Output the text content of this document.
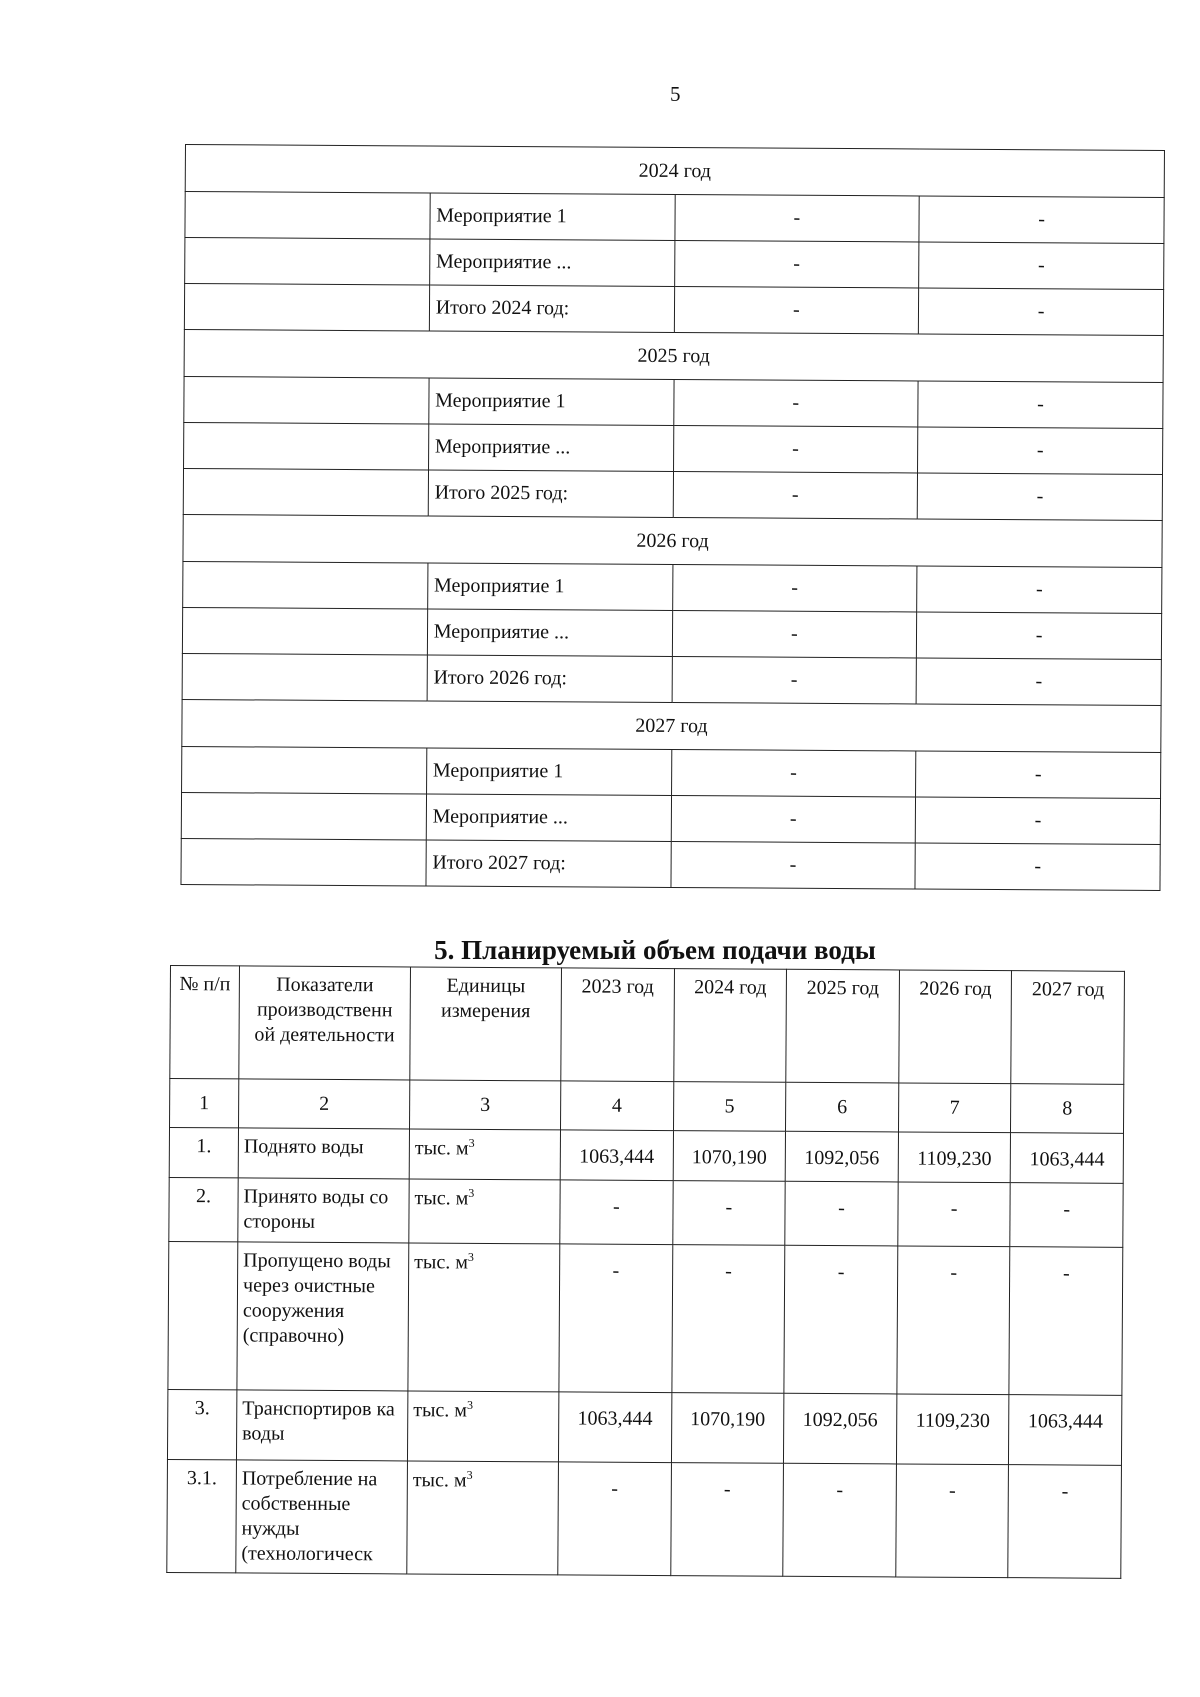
5
2024 год			
	Мероприятие 1	-	-
	Мероприятие ...	-	-
	Итого 2024 год:	-	-
2025 год			
	Мероприятие 1	-	-
	Мероприятие ...	-	-
	Итого 2025 год:	-	-
2026 год			
	Мероприятие 1	-	-
	Мероприятие ...	-	-
	Итого 2026 год:	-	-
2027 год			
	Мероприятие 1	-	-
	Мероприятие ...	-	-
	Итого 2027 год:	-	-
5. Планируемый объем подачи воды
№ п/п	Показатели производственн ой деятельности	Единицы измерения	2023 год	2024 год	2025 год	2026 год	2027 год
1	2	3	4	5	6	7	8
1.	Поднято воды	тыс. $м^3$	1063,444	1070,190	1092,056	1109,230	1063,444
2.	Принято воды со стороны	тыс. $м^3$	-	-	-	-	-
	Пропущено воды через очистные сооружения (справочно)	тыс. $м^3$	-	-	-	-	-
3.	Транспортиров ка воды	тыс. $м^3$	1063,444	1070,190	1092,056	1109,230	1063,444
3.1.	Потребление на собственные нужды (технологическ	тыс. $м^3$	-	-	-	-	-
